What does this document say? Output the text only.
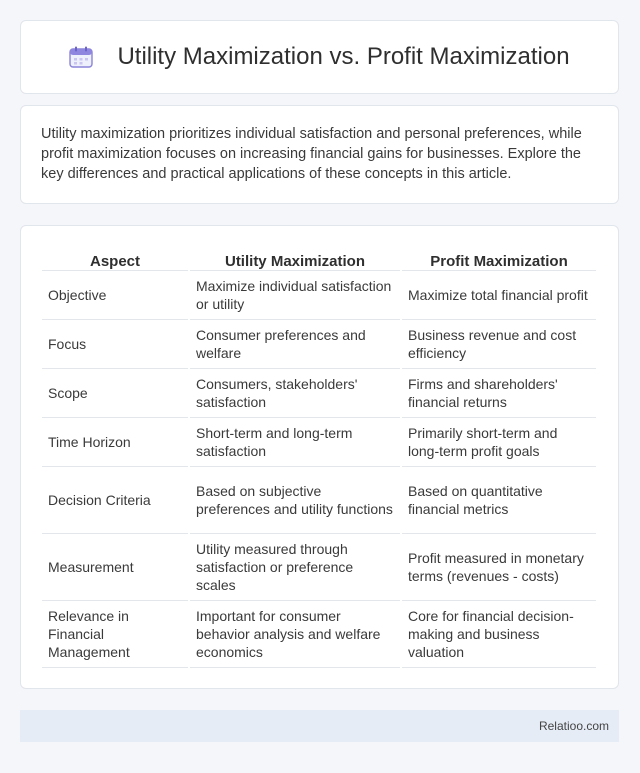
Utility Maximization vs. Profit Maximization

Utility maximization prioritizes individual satisfaction and personal preferences, while profit maximization focuses on increasing financial gains for businesses. Explore the key differences and practical applications of these concepts in this article.

Aspect	Utility Maximization	Profit Maximization
Objective	Maximize individual satisfaction or utility	Maximize total financial profit
Focus	Consumer preferences and welfare	Business revenue and cost efficiency
Scope	Consumers, stakeholders' satisfaction	Firms and shareholders' financial returns
Time Horizon	Short-term and long-term satisfaction	Primarily short-term and long-term profit goals
Decision Criteria	Based on subjective preferences and utility functions	Based on quantitative financial metrics
Measurement	Utility measured through satisfaction or preference scales	Profit measured in monetary terms (revenues - costs)
Relevance in Financial Management	Important for consumer behavior analysis and welfare economics	Core for financial decision-making and business valuation
Relatioo.com
